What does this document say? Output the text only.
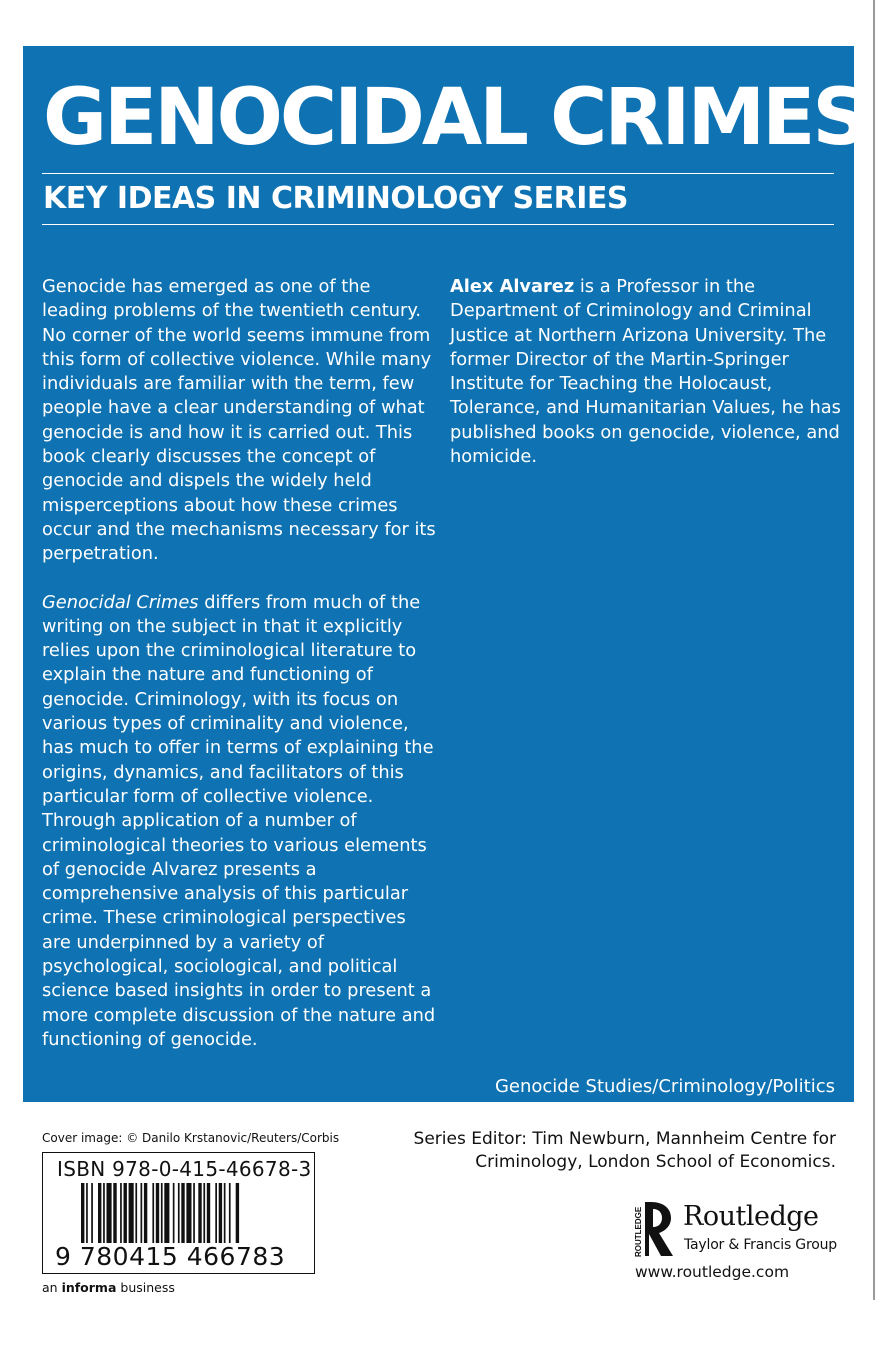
GENOCIDAL CRIMES
KEY IDEAS IN CRIMINOLOGY SERIES

Genocide has emerged as one of the leading problems of the twentieth century. No corner of the world seems immune from this form of collective violence. While many individuals are familiar with the term, few people have a clear understanding of what genocide is and how it is carried out. This book clearly discusses the concept of genocide and dispels the widely held misperceptions about how these crimes occur and the mechanisms necessary for its perpetration.

Genocidal Crimes differs from much of the writing on the subject in that it explicitly relies upon the criminological literature to explain the nature and functioning of genocide. Criminology, with its focus on various types of criminality and violence, has much to offer in terms of explaining the origins, dynamics, and facilitators of this particular form of collective violence. Through application of a number of criminological theories to various elements of genocide Alvarez presents a comprehensive analysis of this particular crime. These criminological perspectives are underpinned by a variety of psychological, sociological, and political science based insights in order to present a more complete discussion of the nature and functioning of genocide.

Alex Alvarez is a Professor in the Department of Criminology and Criminal Justice at Northern Arizona University. The former Director of the Martin-Springer Institute for Teaching the Holocaust, Tolerance, and Humanitarian Values, he has published books on genocide, violence, and homicide.

Genocide Studies/Criminology/Politics
Cover image: © Danilo Krstanovic/Reuters/Corbis
ISBN 978-0-415-46678-3
9 780415 466783
an informa business
Series Editor: Tim Newburn, Mannheim Centre for Criminology, London School of Economics.
ROUTLEDGE Routledge
Taylor & Francis Group
www.routledge.com
